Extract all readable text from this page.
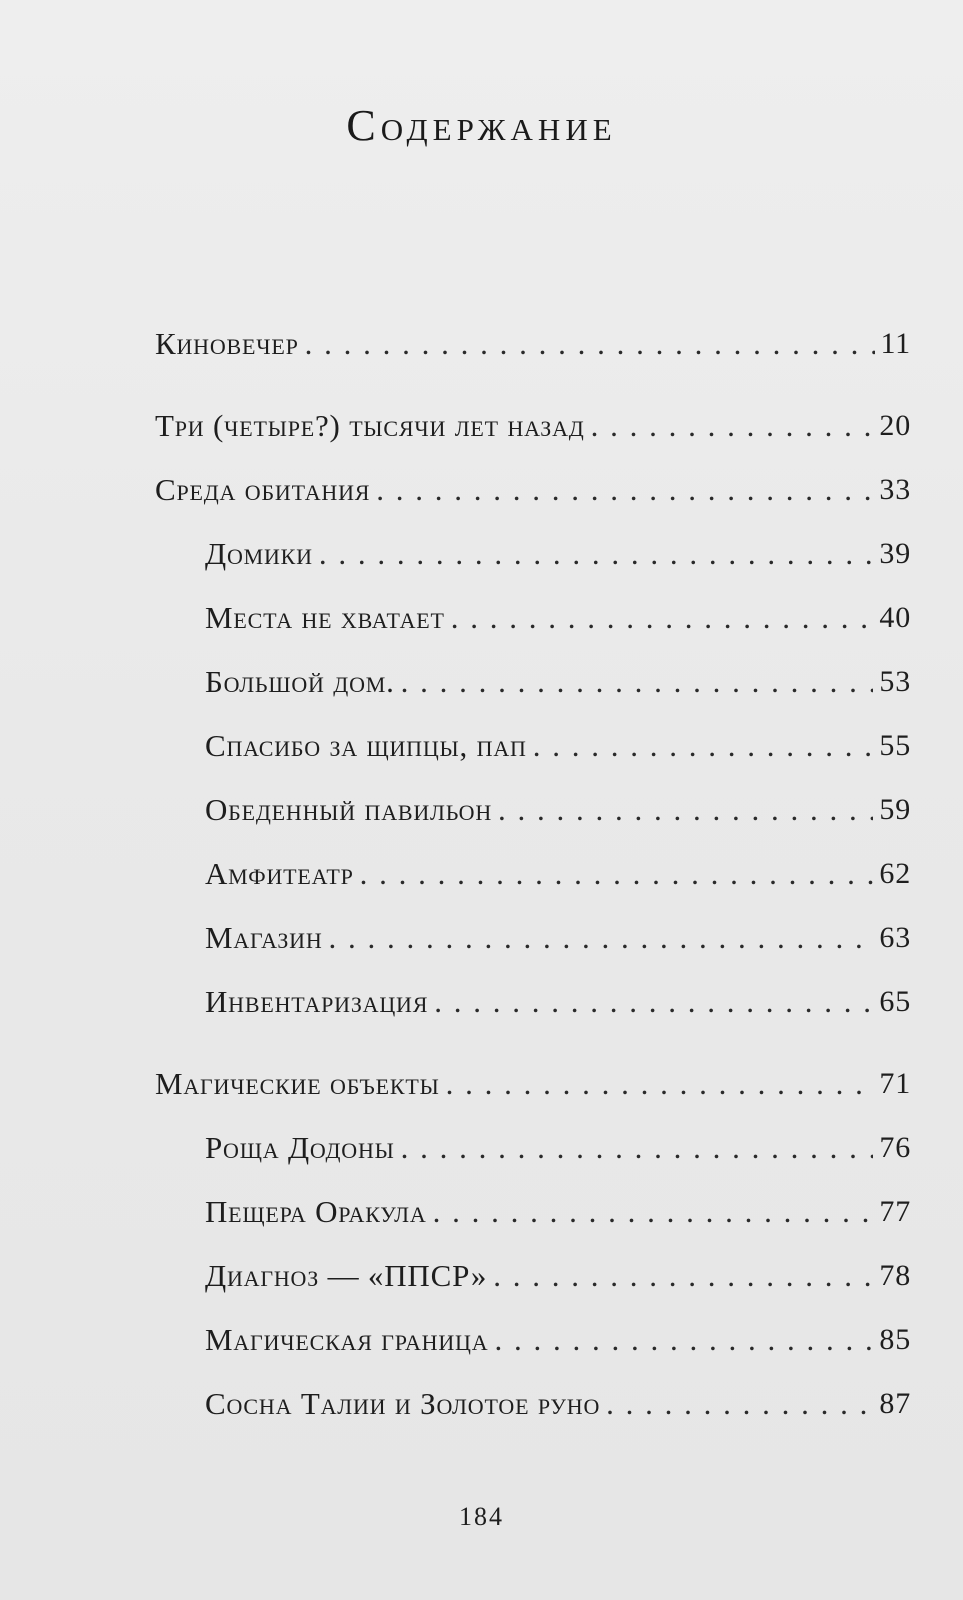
Содержание
Киновечер . . .	11
Три (четыре?) тысячи лет назад . . .	20
Среда обитания . . .	33
Домики . . .	39
Места не хватает . . .	40
Большой дом. . . .	53
Спасибо за щипцы, пап . . .	55
Обеденный павильон . . .	59
Амфитеатр . . .	62
Магазин . . .	63
Инвентаризация . . .	65
Магические объекты . . .	71
Роща Додоны . . .	76
Пещера Оракула . . .	77
Диагноз — «ППСР» . . .	78
Магическая граница . . .	85
Сосна Талии и Золотое руно . . .	87
184
